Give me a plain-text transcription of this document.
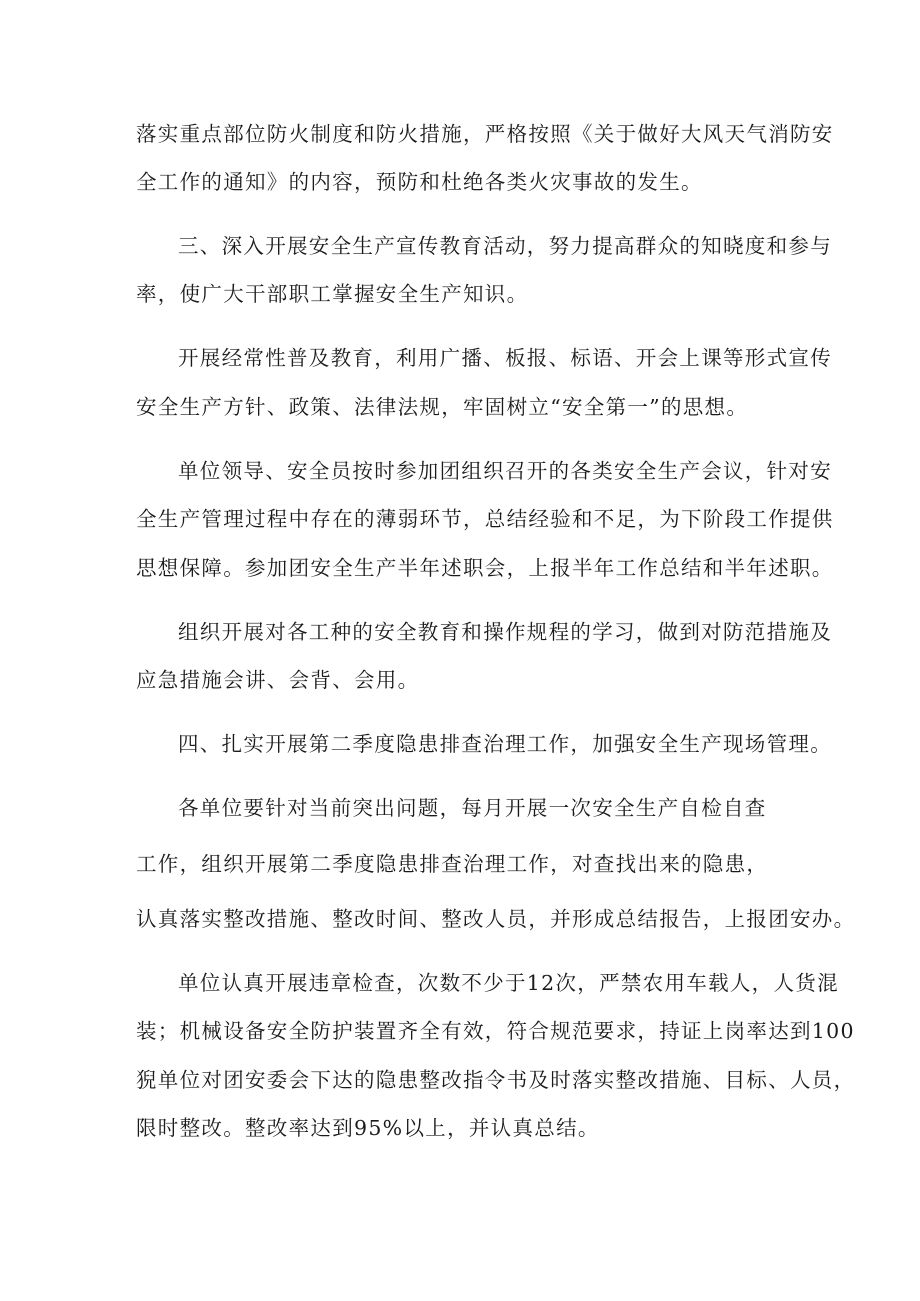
落实重点部位防火制度和防火措施，严格按照《关于做好大风天气消防安
全工作的通知》的内容，预防和杜绝各类火灾事故的发生。
三、深入开展安全生产宣传教育活动，努力提高群众的知晓度和参与
率，使广大干部职工掌握安全生产知识。
开展经常性普及教育，利用广播、板报、标语、开会上课等形式宣传
安全生产方针、政策、法律法规，牢固树立“安全第一”的思想。
单位领导、安全员按时参加团组织召开的各类安全生产会议，针对安
全生产管理过程中存在的薄弱环节，总结经验和不足，为下阶段工作提供
思想保障。参加团安全生产半年述职会，上报半年工作总结和半年述职。
组织开展对各工种的安全教育和操作规程的学习，做到对防范措施及
应急措施会讲、会背、会用。
四、扎实开展第二季度隐患排查治理工作，加强安全生产现场管理。
各单位要针对当前突出问题，每月开展一次安全生产自检自查
工作，组织开展第二季度隐患排查治理工作，对查找出来的隐患，
认真落实整改措施、整改时间、整改人员，并形成总结报告，上报团安办。
单位认真开展违章检查，次数不少于12次，严禁农用车载人，人货混
装；机械设备安全防护装置齐全有效，符合规范要求，持证上岗率达到100
猊单位对团安委会下达的隐患整改指令书及时落实整改措施、目标、人员，
限时整改。整改率达到95%以上，并认真总结。
